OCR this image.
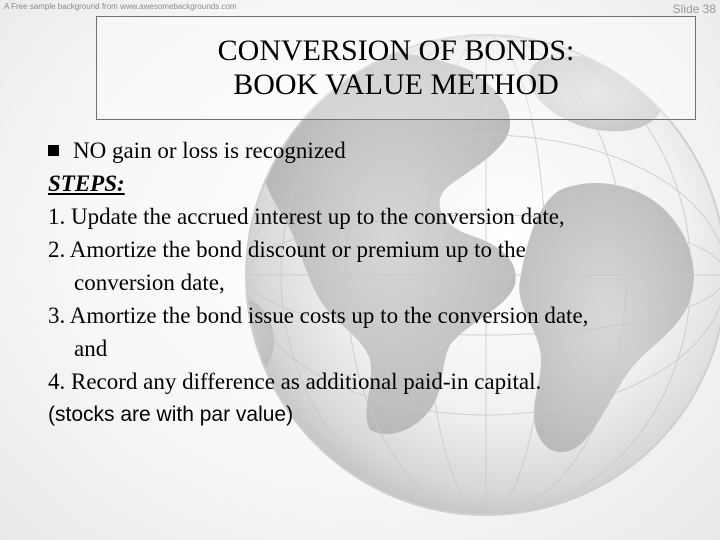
A Free sample background from www.awesomebackgrounds.com	Slide 38
CONVERSION OF BONDS:
BOOK VALUE METHOD
NO gain or loss is recognized
STEPS:
1. Update the accrued interest up to the conversion date,
2. Amortize the bond discount or premium up to the
conversion date,
3. Amortize the bond issue costs up to the conversion date,
and
4. Record any difference as additional paid-in capital.
(stocks are with par value)
